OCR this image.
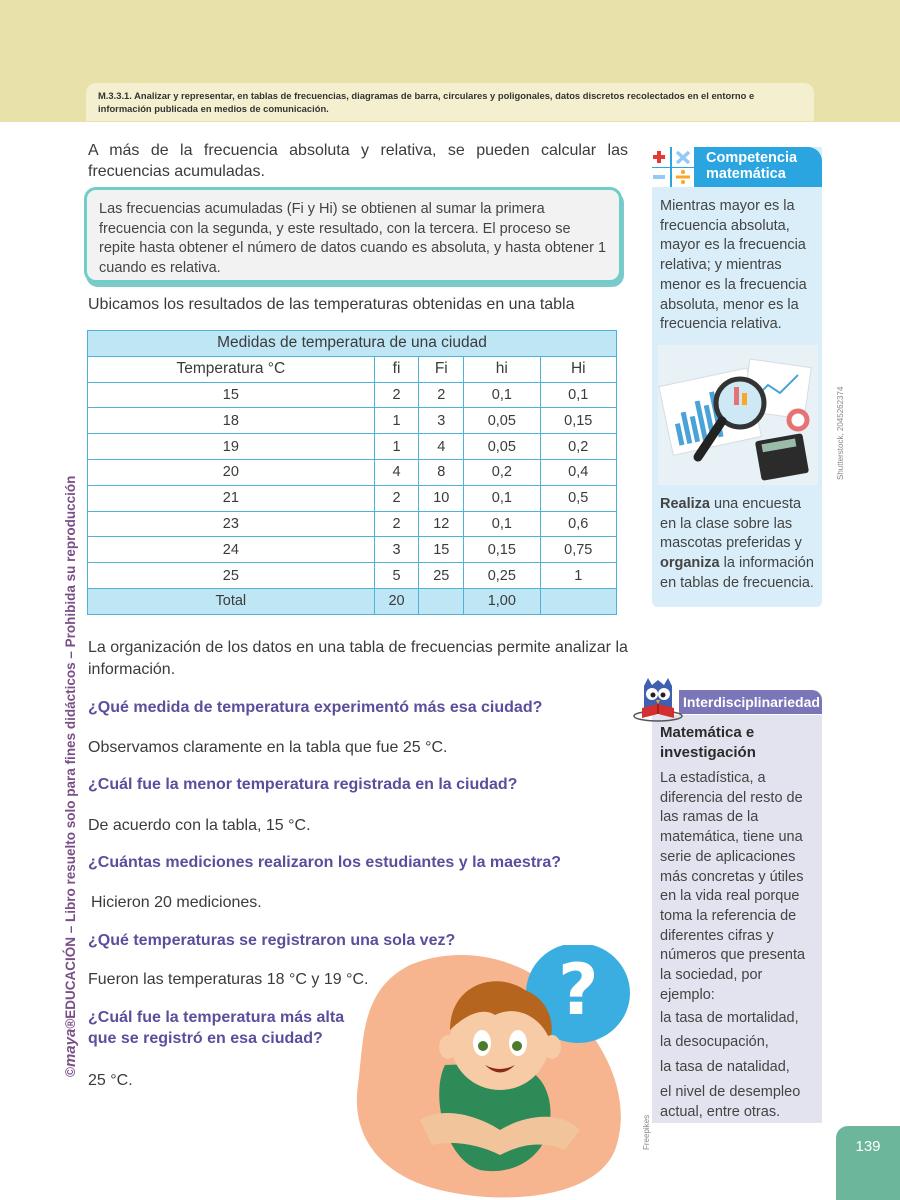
M.3.3.1. Analizar y representar, en tablas de frecuencias, diagramas de barra, circulares y poligonales, datos discretos recolectados en el entorno e información publicada en medios de comunicación.
©maya®EDUCACIÓN – Libro resuelto solo para fines didácticos – Prohibida su reproducción

A más de la frecuencia absoluta y relativa, se pueden calcular las frecuencias acumuladas.

Las frecuencias acumuladas (Fi y Hi) se obtienen al sumar la primera frecuencia con la segunda, y este resultado, con la tercera. El proceso se repite hasta obtener el número de datos cuando es absoluta, y hasta obtener 1 cuando es relativa.

Ubicamos los resultados de las temperaturas obtenidas en una tabla

Medidas de temperatura de una ciudad				
Temperatura °C	fi	Fi	hi	Hi
15	2	2	0,1	0,1
18	1	3	0,05	0,15
19	1	4	0,05	0,2
20	4	8	0,2	0,4
21	2	10	0,1	0,5
23	2	12	0,1	0,6
24	3	15	0,15	0,75
25	5	25	0,25	1
Total	20		1,00	

La organización de los datos en una tabla de frecuencias permite analizar la información.

¿Qué medida de temperatura experimentó más esa ciudad?

Observamos claramente en la tabla que fue 25 °C.

¿Cuál fue la menor temperatura registrada en la ciudad?

De acuerdo con la tabla, 15 °C.

¿Cuántas mediciones realizaron los estudiantes y la maestra?

Hicieron 20 mediciones.

¿Qué temperaturas se registraron una sola vez?

Fueron las temperaturas 18 °C y 19 °C.

¿Cuál fue la temperatura más alta que se registró en esa ciudad?

25 °C.

Competencia
matemática

Mientras mayor es la frecuencia absoluta, mayor es la frecuencia relativa; y mientras menor es la frecuencia absoluta, menor es la frecuencia relativa.

Realiza una encuesta en la clase sobre las mascotas preferidas y organiza la información en tablas de frecuencia.

Shutterstock, 2045262374
Interdisciplinariedad

Matemática e investigación

La estadística, a diferencia del resto de las ramas de la matemática, tiene una serie de aplicaciones más concretas y útiles en la vida real porque toma la referencia de diferentes cifras y números que presenta la sociedad, por ejemplo:

la tasa de mortalidad,

la desocupación,

la tasa de natalidad,

el nivel de desempleo actual, entre otras.

?
Freepikes	139
